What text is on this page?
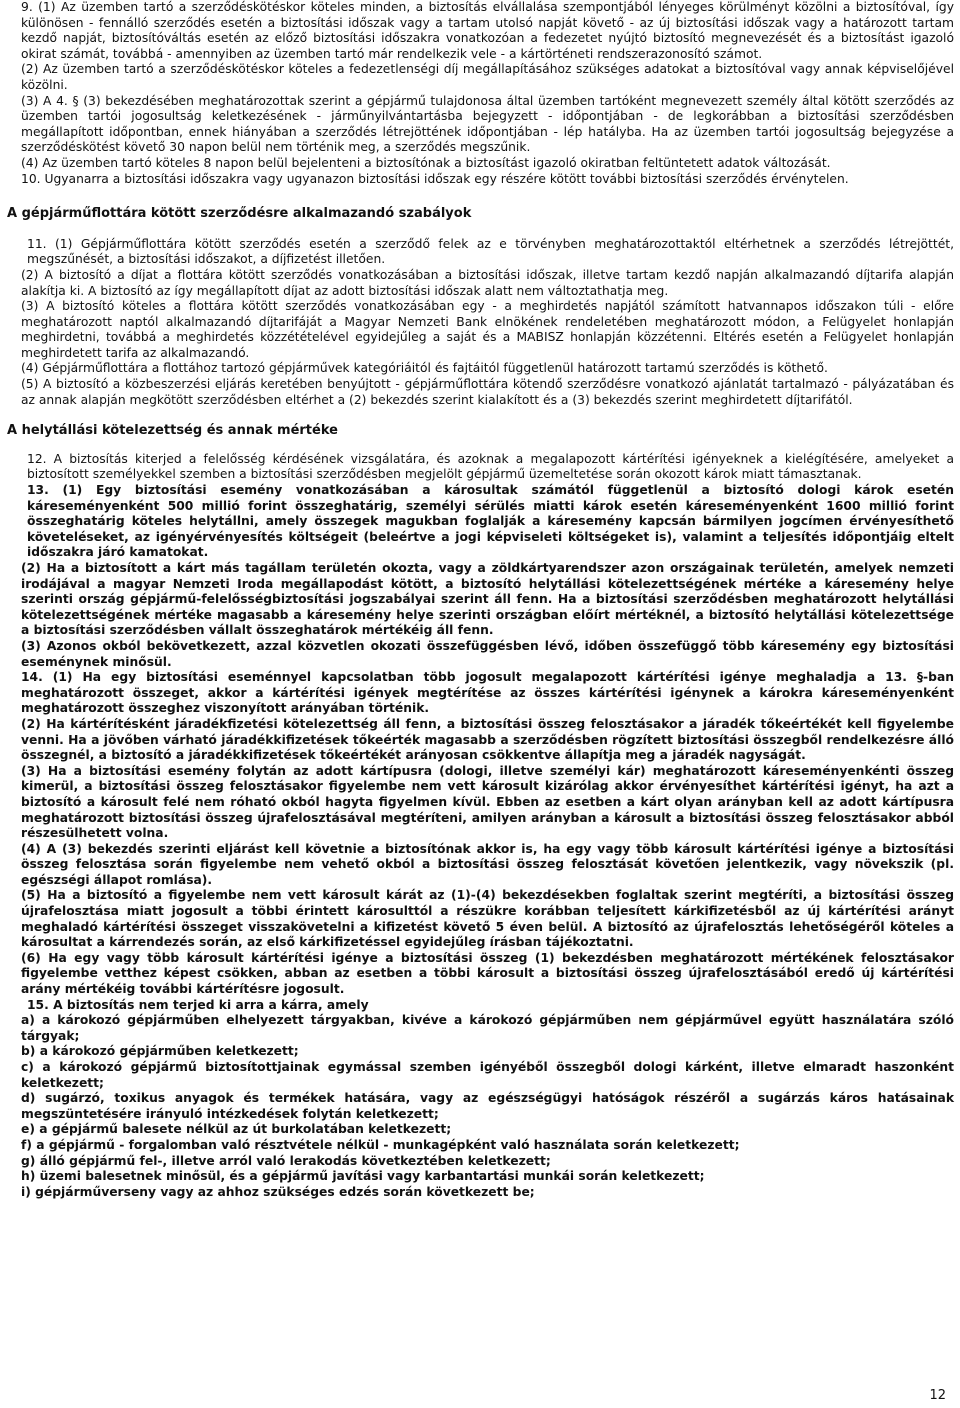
9. (1) Az üzemben tartó a szerződéskötéskor köteles minden, a biztosítás elvállalása szempontjából lényeges körülményt közölni a biztosítóval, így különösen - fennálló szerződés esetén a biztosítási időszak vagy a tartam utolsó napját követő - az új biztosítási időszak vagy a határozott tartam kezdő napját, biztosítóváltás esetén az előző biztosítási időszakra vonatkozóan a fedezetet nyújtó biztosító megnevezését és a biztosítást igazoló okirat számát, továbbá - amennyiben az üzemben tartó már rendelkezik vele - a kártörténeti rendszerazonosító számot.

(2) Az üzemben tartó a szerződéskötéskor köteles a fedezetlenségi díj megállapításához szükséges adatokat a biztosítóval vagy annak képviselőjével közölni.

(3) A 4. § (3) bekezdésében meghatározottak szerint a gépjármű tulajdonosa által üzemben tartóként megnevezett személy által kötött szerződés az üzemben tartói jogosultság keletkezésének - járműnyilvántartásba bejegyzett - időpontjában - de legkorábban a biztosítási szerződésben megállapított időpontban, ennek hiányában a szerződés létrejöttének időpontjában - lép hatályba. Ha az üzemben tartói jogosultság bejegyzése a szerződéskötést követő 30 napon belül nem történik meg, a szerződés megszűnik.

(4) Az üzemben tartó köteles 8 napon belül bejelenteni a biztosítónak a biztosítást igazoló okiratban feltüntetett adatok változását.

10. Ugyanarra a biztosítási időszakra vagy ugyanazon biztosítási időszak egy részére kötött további biztosítási szerződés érvénytelen.

A gépjárműflottára kötött szerződésre alkalmazandó szabályok

11. (1) Gépjárműflottára kötött szerződés esetén a szerződő felek az e törvényben meghatározottaktól eltérhetnek a szerződés létrejöttét, megszűnését, a biztosítási időszakot, a díjfizetést illetően.

(2) A biztosító a díjat a flottára kötött szerződés vonatkozásában a biztosítási időszak, illetve tartam kezdő napján alkalmazandó díjtarifa alapján alakítja ki. A biztosító az így megállapított díjat az adott biztosítási időszak alatt nem változtathatja meg.

(3) A biztosító köteles a flottára kötött szerződés vonatkozásában egy - a meghirdetés napjától számított hatvannapos időszakon túli - előre meghatározott naptól alkalmazandó díjtarifáját a Magyar Nemzeti Bank elnökének rendeletében meghatározott módon, a Felügyelet honlapján meghirdetni, továbbá a meghirdetés közzétételével egyidejűleg a saját és a MABISZ honlapján közzétenni. Eltérés esetén a Felügyelet honlapján meghirdetett tarifa az alkalmazandó.

(4) Gépjárműflottára a flottához tartozó gépjárművek kategóriáitól és fajtáitól függetlenül határozott tartamú szerződés is köthető.

(5) A biztosító a közbeszerzési eljárás keretében benyújtott - gépjárműflottára kötendő szerződésre vonatkozó ajánlatát tartalmazó - pályázatában és az annak alapján megkötött szerződésben eltérhet a (2) bekezdés szerint kialakított és a (3) bekezdés szerint meghirdetett díjtarifától.

A helytállási kötelezettség és annak mértéke

12. A biztosítás kiterjed a felelősség kérdésének vizsgálatára, és azoknak a megalapozott kártérítési igényeknek a kielégítésére, amelyeket a biztosított személyekkel szemben a biztosítási szerződésben megjelölt gépjármű üzemeltetése során okozott károk miatt támasztanak.

13. (1) Egy biztosítási esemény vonatkozásában a károsultak számától függetlenül a biztosító dologi károk esetén káreseményenként 500 millió forint összeghatárig, személyi sérülés miatti károk esetén káreseményenként 1600 millió forint összeghatárig köteles helytállni, amely összegek magukban foglalják a káresemény kapcsán bármilyen jogcímen érvényesíthető követeléseket, az igényérvényesítés költségeit (beleértve a jogi képviseleti költségeket is), valamint a teljesítés időpontjáig eltelt időszakra járó kamatokat.

(2) Ha a biztosított a kárt más tagállam területén okozta, vagy a zöldkártyarendszer azon országainak területén, amelyek nemzeti irodájával a magyar Nemzeti Iroda megállapodást kötött, a biztosító helytállási kötelezettségének mértéke a káresemény helye szerinti ország gépjármű-felelősségbiztosítási jogszabályai szerint áll fenn. Ha a biztosítási szerződésben meghatározott helytállási kötelezettségének mértéke magasabb a káresemény helye szerinti országban előírt mértéknél, a biztosító helytállási kötelezettsége a biztosítási szerződésben vállalt összeghatárok mértékéig áll fenn.

(3) Azonos okból bekövetkezett, azzal közvetlen okozati összefüggésben lévő, időben összefüggő több káresemény egy biztosítási eseménynek minősül.

14. (1) Ha egy biztosítási eseménnyel kapcsolatban több jogosult megalapozott kártérítési igénye meghaladja a 13. §-ban meghatározott összeget, akkor a kártérítési igények megtérítése az összes kártérítési igénynek a károkra káreseményenként meghatározott összeghez viszonyított arányában történik.

(2) Ha kártérítésként járadékfizetési kötelezettség áll fenn, a biztosítási összeg felosztásakor a járadék tőkeértékét kell figyelembe venni. Ha a jövőben várható járadékkifizetések tőkeérték magasabb a szerződésben rögzített biztosítási összegből rendelkezésre álló összegnél, a biztosító a járadékkifizetések tőkeértékét arányosan csökkentve állapítja meg a járadék nagyságát.

(3) Ha a biztosítási esemény folytán az adott kártípusra (dologi, illetve személyi kár) meghatározott káreseményenkénti összeg kimerül, a biztosítási összeg felosztásakor figyelembe nem vett károsult kizárólag akkor érvényesíthet kártérítési igényt, ha azt a biztosító a károsult felé nem róható okból hagyta figyelmen kívül. Ebben az esetben a kárt olyan arányban kell az adott kártípusra meghatározott biztosítási összeg újrafelosztásával megtéríteni, amilyen arányban a károsult a biztosítási összeg felosztásakor abból részesülhetett volna.

(4) A (3) bekezdés szerinti eljárást kell követnie a biztosítónak akkor is, ha egy vagy több károsult kártérítési igénye a biztosítási összeg felosztása során figyelembe nem vehető okból a biztosítási összeg felosztását követően jelentkezik, vagy növekszik (pl. egészségi állapot romlása).

(5) Ha a biztosító a figyelembe nem vett károsult kárát az (1)-(4) bekezdésekben foglaltak szerint megtéríti, a biztosítási összeg újrafelosztása miatt jogosult a többi érintett károsulttól a részükre korábban teljesített kárkifizetésből az új kártérítési arányt meghaladó kártérítési összeget visszakövetelni a kifizetést követő 5 éven belül. A biztosító az újrafelosztás lehetőségéről köteles a károsultat a kárrendezés során, az első kárkifizetéssel egyidejűleg írásban tájékoztatni.

(6) Ha egy vagy több károsult kártérítési igénye a biztosítási összeg (1) bekezdésben meghatározott mértékének felosztásakor figyelembe vetthez képest csökken, abban az esetben a többi károsult a biztosítási összeg újrafelosztásából eredő új kártérítési arány mértékéig további kártérítésre jogosult.

15. A biztosítás nem terjed ki arra a kárra, amely

a) a károkozó gépjárműben elhelyezett tárgyakban, kivéve a károkozó gépjárműben nem gépjárművel együtt használatára szóló tárgyak;

b) a károkozó gépjárműben keletkezett;

c) a károkozó gépjármű biztosítottjainak egymással szemben igényéből összegből dologi kárként, illetve elmaradt haszonként keletkezett;

d) sugárzó, toxikus anyagok és termékek hatására, vagy az egészségügyi hatóságok részéről a sugárzás káros hatásainak megszüntetésére irányuló intézkedések folytán keletkezett;

e) a gépjármű balesete nélkül az út burkolatában keletkezett;

f) a gépjármű - forgalomban való résztvétele nélkül - munkagépként való használata során keletkezett;

g) álló gépjármű fel-, illetve arról való lerakodás következtében keletkezett;

h) üzemi balesetnek minősül, és a gépjármű javítási vagy karbantartási munkái során keletkezett;

i) gépjárműverseny vagy az ahhoz szükséges edzés során következett be;

12
